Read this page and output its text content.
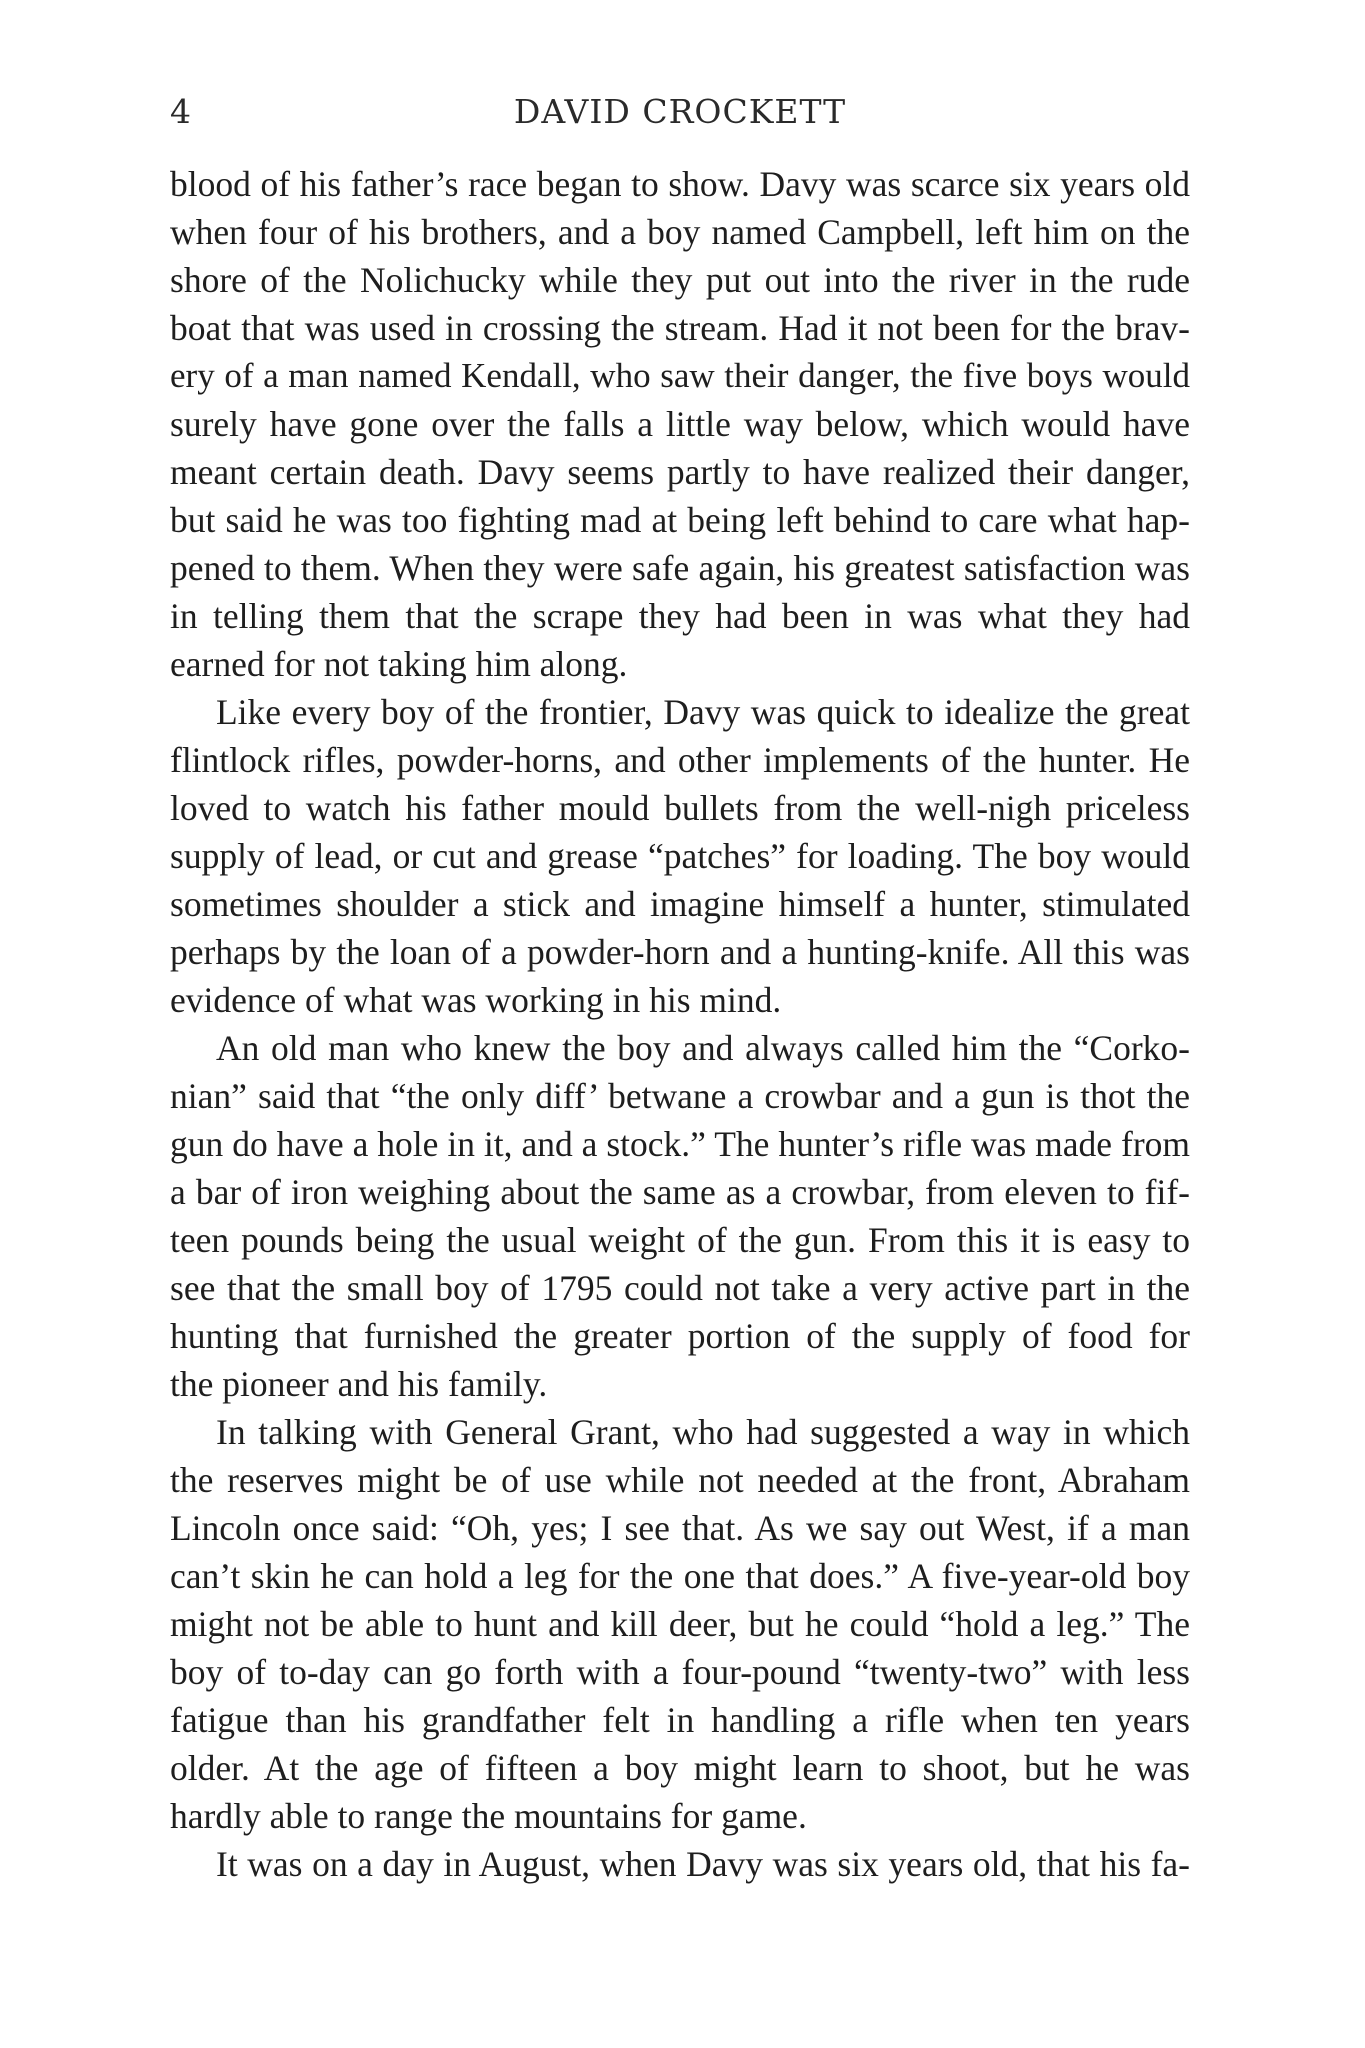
4	DAVID CROCKETT

blood of his father’s race began to show. Davy was scarce six years old
when four of his brothers, and a boy named Campbell, left him on the
shore of the Nolichucky while they put out into the river in the rude
boat that was used in crossing the stream. Had it not been for the brav-
ery of a man named Kendall, who saw their danger, the five boys would
surely have gone over the falls a little way below, which would have
meant certain death. Davy seems partly to have realized their danger,
but said he was too fighting mad at being left behind to care what hap-
pened to them. When they were safe again, his greatest satisfaction was
in telling them that the scrape they had been in was what they had
earned for not taking him along.

Like every boy of the frontier, Davy was quick to idealize the great
flintlock rifles, powder-horns, and other implements of the hunter. He
loved to watch his father mould bullets from the well-nigh priceless
supply of lead, or cut and grease “patches” for loading. The boy would
sometimes shoulder a stick and imagine himself a hunter, stimulated
perhaps by the loan of a powder-horn and a hunting-knife. All this was
evidence of what was working in his mind.

An old man who knew the boy and always called him the “Corko-
nian” said that “the only diff’ betwane a crowbar and a gun is thot the
gun do have a hole in it, and a stock.” The hunter’s rifle was made from
a bar of iron weighing about the same as a crowbar, from eleven to fif-
teen pounds being the usual weight of the gun. From this it is easy to
see that the small boy of 1795 could not take a very active part in the
hunting that furnished the greater portion of the supply of food for
the pioneer and his family.

In talking with General Grant, who had suggested a way in which
the reserves might be of use while not needed at the front, Abraham
Lincoln once said: “Oh, yes; I see that. As we say out West, if a man
can’t skin he can hold a leg for the one that does.” A five-year-old boy
might not be able to hunt and kill deer, but he could “hold a leg.” The
boy of to-day can go forth with a four-pound “twenty-two” with less
fatigue than his grandfather felt in handling a rifle when ten years
older. At the age of fifteen a boy might learn to shoot, but he was
hardly able to range the mountains for game.

It was on a day in August, when Davy was six years old, that his fa-
